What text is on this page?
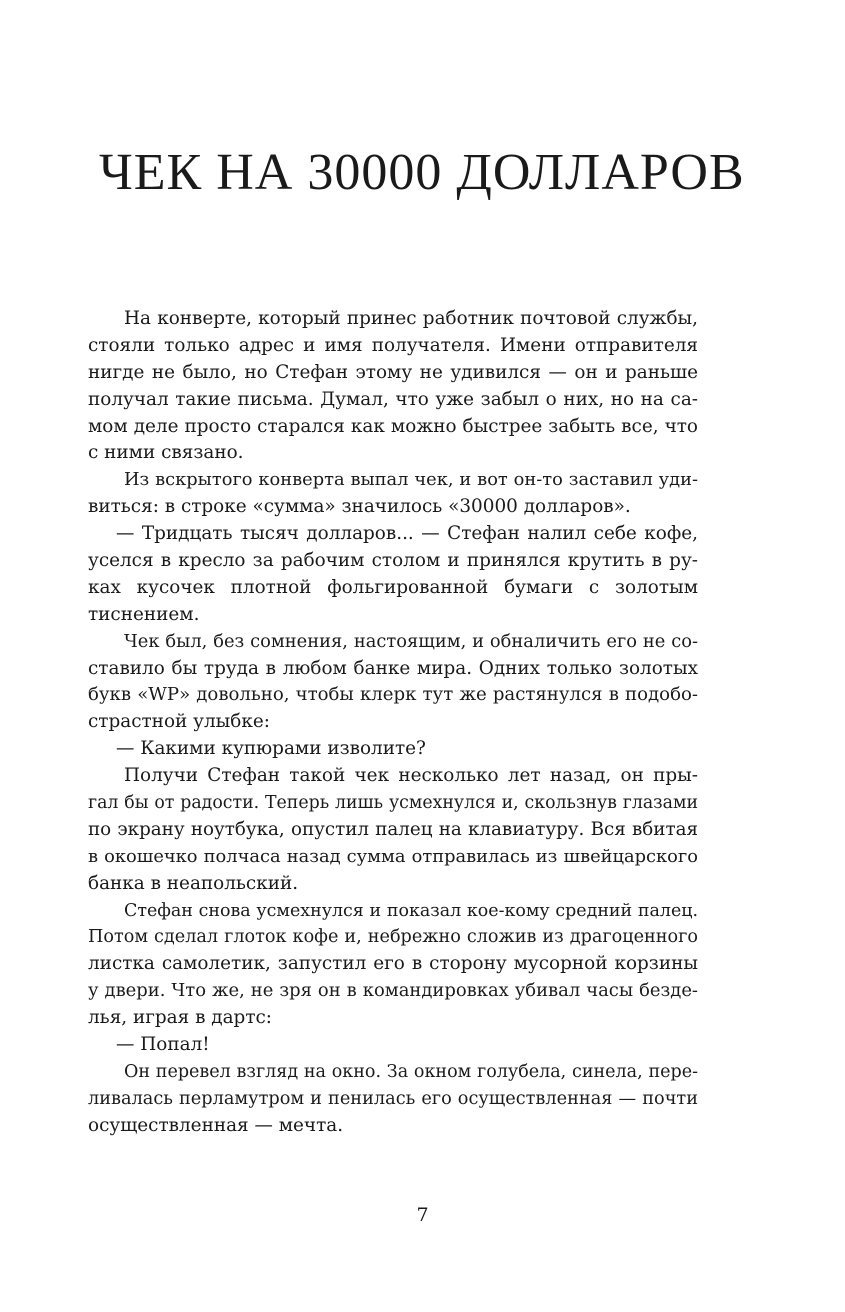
ЧЕК НА 30000 ДОЛЛАРОВ
На конверте, который принес работник почтовой службы,
стояли только адрес и имя получателя. Имени отправителя
нигде не было, но Стефан этому не удивился — он и раньше
получал такие письма. Думал, что уже забыл о них, но на са-
мом деле просто старался как можно быстрее забыть все, что
с ними связано.
Из вскрытого конверта выпал чек, и вот он-то заставил уди-
виться: в строке «сумма» значилось «30000 долларов».
— Тридцать тысяч долларов... — Стефан налил себе кофе,
уселся в кресло за рабочим столом и принялся крутить в ру-
ках кусочек плотной фольгированной бумаги с золотым
тиснением.
Чек был, без сомнения, настоящим, и обналичить его не со-
ставило бы труда в любом банке мира. Одних только золотых
букв «WP» довольно, чтобы клерк тут же растянулся в подобо-
страстной улыбке:
— Какими купюрами изволите?
Получи Стефан такой чек несколько лет назад, он пры-
гал бы от радости. Теперь лишь усмехнулся и, скользнув глазами
по экрану ноутбука, опустил палец на клавиатуру. Вся вбитая
в окошечко полчаса назад сумма отправилась из швейцарского
банка в неапольский.
Стефан снова усмехнулся и показал кое-кому средний палец.
Потом сделал глоток кофе и, небрежно сложив из драгоценного
листка самолетик, запустил его в сторону мусорной корзины
у двери. Что же, не зря он в командировках убивал часы безде-
лья, играя в дартс:
— Попал!
Он перевел взгляд на окно. За окном голубела, синела, пере-
ливалась перламутром и пенилась его осуществленная — почти
осуществленная — мечта.
7
